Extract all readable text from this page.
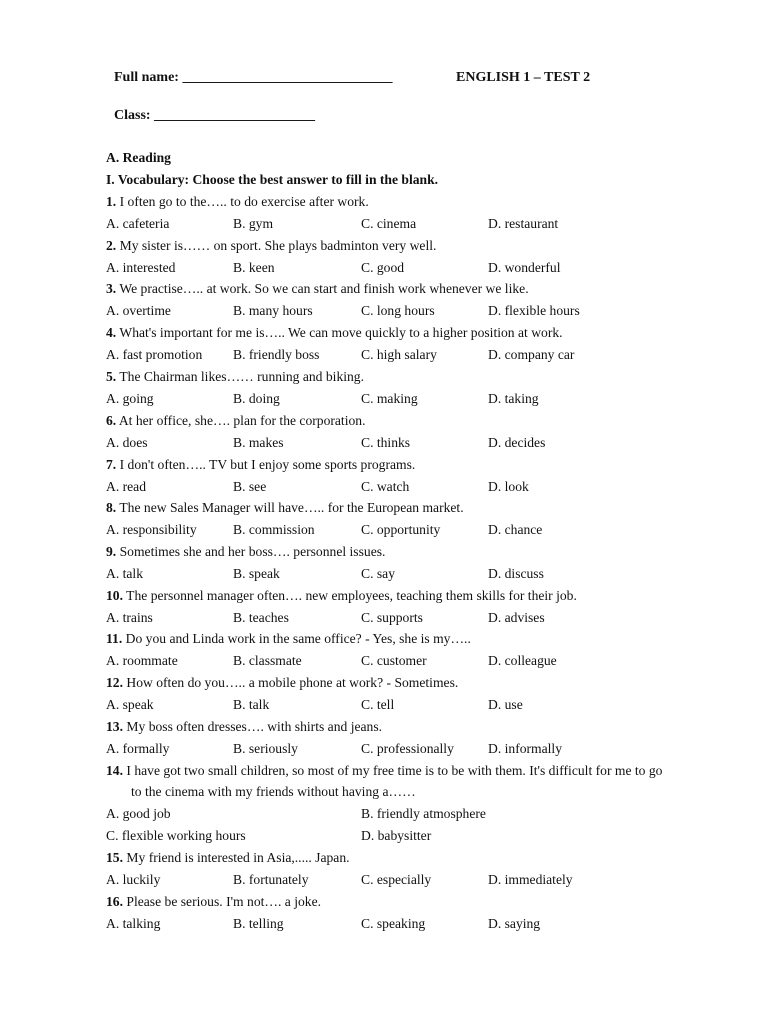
Full name: ______________________________	ENGLISH 1 – TEST 2
Class: _______________________
A. Reading
I. Vocabulary: Choose the best answer to fill in the blank.
1. I often go to the….. to do exercise after work.
A. cafeteria	B. gym	C. cinema	D. restaurant
2. My sister is…… on sport. She plays badminton very well.
A. interested	B. keen	C. good	D. wonderful
3. We practise….. at work. So we can start and finish work whenever we like.
A. overtime	B. many hours	C. long hours	D. flexible hours
4. What's important for me is….. We can move quickly to a higher position at work.
A. fast promotion B. friendly boss	C. high salary	D. company car
5. The Chairman likes…… running and biking.
A. going	B. doing	C. making	D. taking
6. At her office, she…. plan for the corporation.
A. does	B. makes	C. thinks	D. decides
7. I don't often….. TV but I enjoy some sports programs.
A. read	B. see	C. watch	D. look
8. The new Sales Manager will have….. for the European market.
A. responsibility	B. commission	C. opportunity	D. chance
9. Sometimes she and her boss…. personnel issues.
A. talk	B. speak	C. say	D. discuss
10. The personnel manager often…. new employees, teaching them skills for their job.
A. trains	B. teaches	C. supports	D. advises
11. Do you and Linda work in the same office? - Yes, she is my…..
A. roommate	B. classmate	C. customer	D. colleague
12. How often do you….. a mobile phone at work? - Sometimes.
A. speak	B. talk	C. tell	D. use
13. My boss often dresses…. with shirts and jeans.
A. formally	B. seriously	C. professionally	D. informally
14. I have got two small children, so most of my free time is to be with them. It's difficult for me to go
to the cinema with my friends without having a……
A. good job	B. friendly atmosphere
C. flexible working hours	D. babysitter
15. My friend is interested in Asia,..... Japan.
A. luckily	B. fortunately	C. especially	D. immediately
16. Please be serious. I'm not…. a joke.
A. talking	B. telling	C. speaking	D. saying
